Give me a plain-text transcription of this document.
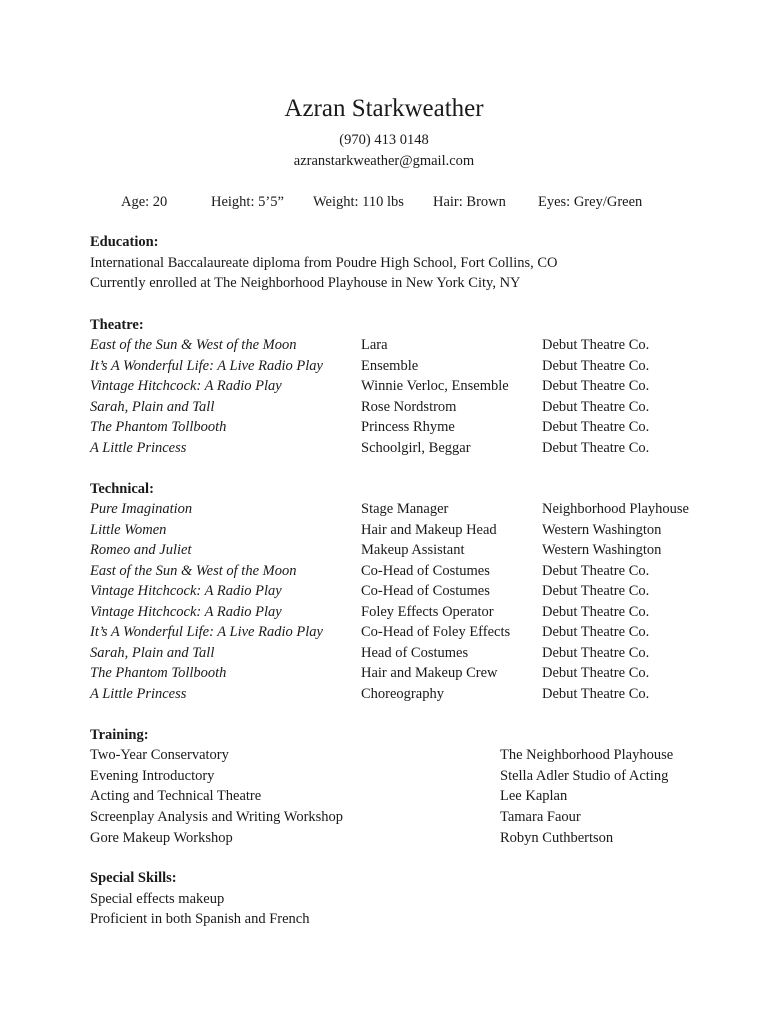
Azran Starkweather
(970) 413 0148
azranstarkweather@gmail.com
Age: 20	Height: 5’5” Weight: 110 lbs Hair: Brown Eyes: Grey/Green
Education:
International Baccalaureate diploma from Poudre High School, Fort Collins, CO
Currently enrolled at The Neighborhood Playhouse in New York City, NY
Theatre:
East of the Sun & West of the Moon	Lara	Debut Theatre Co.
It’s A Wonderful Life: A Live Radio Play	Ensemble	Debut Theatre Co.
Vintage Hitchcock: A Radio Play	Winnie Verloc, Ensemble Debut Theatre Co.
Sarah, Plain and Tall	Rose Nordstrom	Debut Theatre Co.
The Phantom Tollbooth	Princess Rhyme	Debut Theatre Co.
A Little Princess	Schoolgirl, Beggar	Debut Theatre Co.
Technical:
Pure Imagination	Stage Manager	Neighborhood Playhouse
Little Women	Hair and Makeup Head	Western Washington
Romeo and Juliet	Makeup Assistant	Western Washington
East of the Sun & West of the Moon	Co-Head of Costumes	Debut Theatre Co.
Vintage Hitchcock: A Radio Play	Co-Head of Costumes	Debut Theatre Co.
Vintage Hitchcock: A Radio Play	Foley Effects Operator	Debut Theatre Co.
It’s A Wonderful Life: A Live Radio Play	Co-Head of Foley Effects Debut Theatre Co.
Sarah, Plain and Tall	Head of Costumes	Debut Theatre Co.
The Phantom Tollbooth	Hair and Makeup Crew	Debut Theatre Co.
A Little Princess	Choreography	Debut Theatre Co.
Training:
Two-Year Conservatory	The Neighborhood Playhouse
Evening Introductory	Stella Adler Studio of Acting
Acting and Technical Theatre	Lee Kaplan
Screenplay Analysis and Writing Workshop	Tamara Faour
Gore Makeup Workshop	Robyn Cuthbertson
Special Skills:
Special effects makeup
Proficient in both Spanish and French
